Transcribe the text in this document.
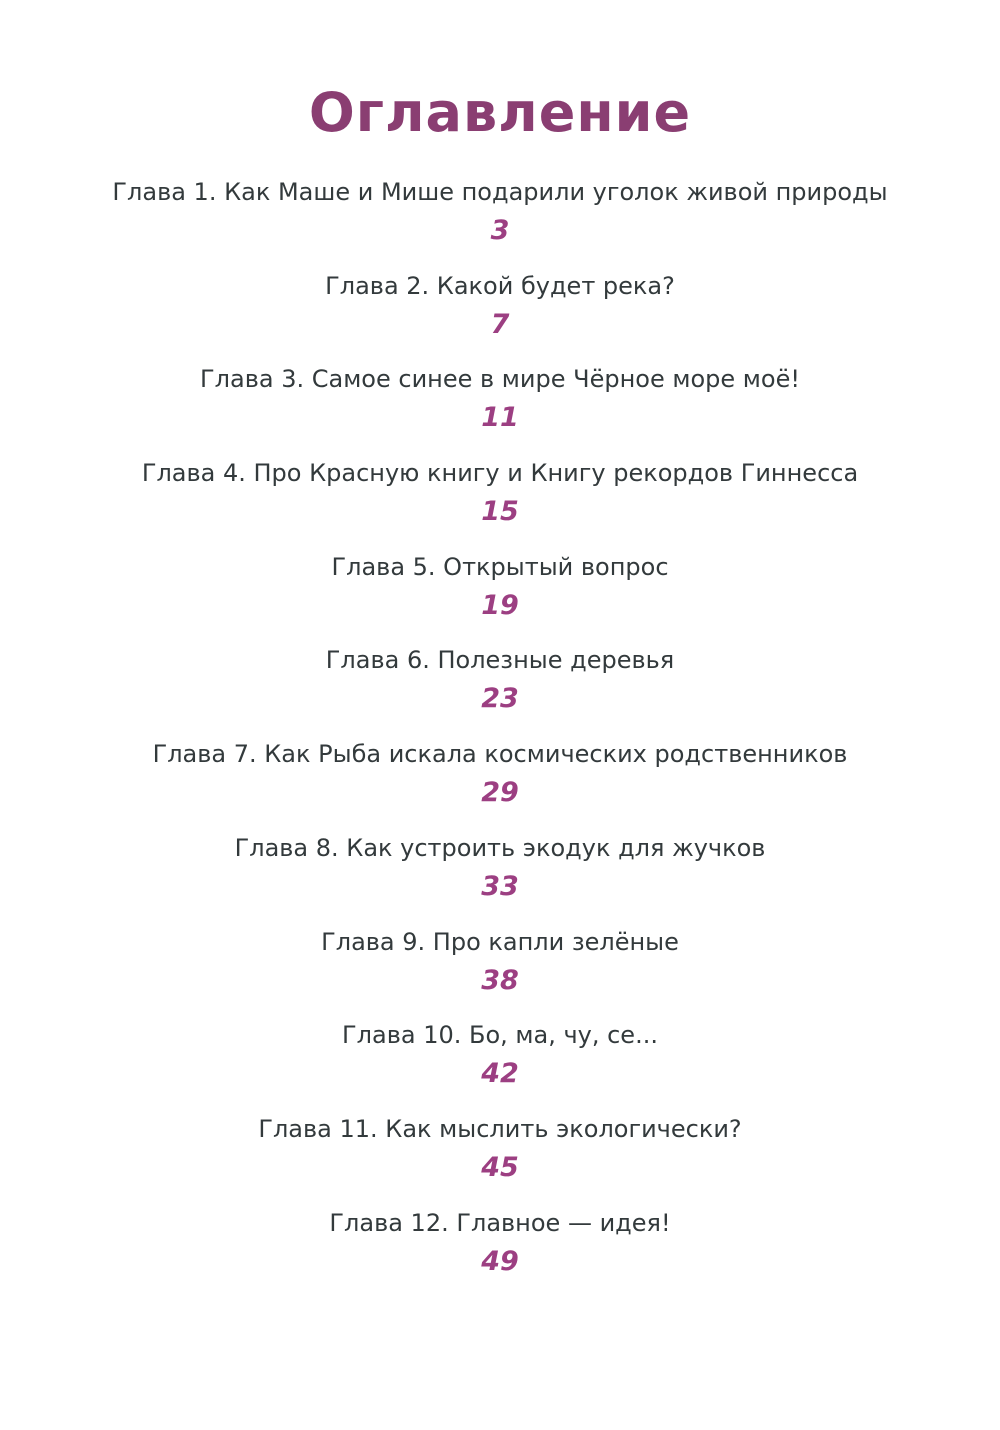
Оглавление
Глава 1. Как Маше и Мише подарили уголок живой природы
3
Глава 2. Какой будет река?
7
Глава 3. Самое синее в мире Чёрное море моё!
11
Глава 4. Про Красную книгу и Книгу рекордов Гиннесса
15
Глава 5. Открытый вопрос
19
Глава 6. Полезные деревья
23
Глава 7. Как Рыба искала космических родственников
29
Глава 8. Как устроить экодук для жучков
33
Глава 9. Про капли зелёные
38
Глава 10. Бо, ма, чу, се...
42
Глава 11. Как мыслить экологически?
45
Глава 12. Главное — идея!
49
